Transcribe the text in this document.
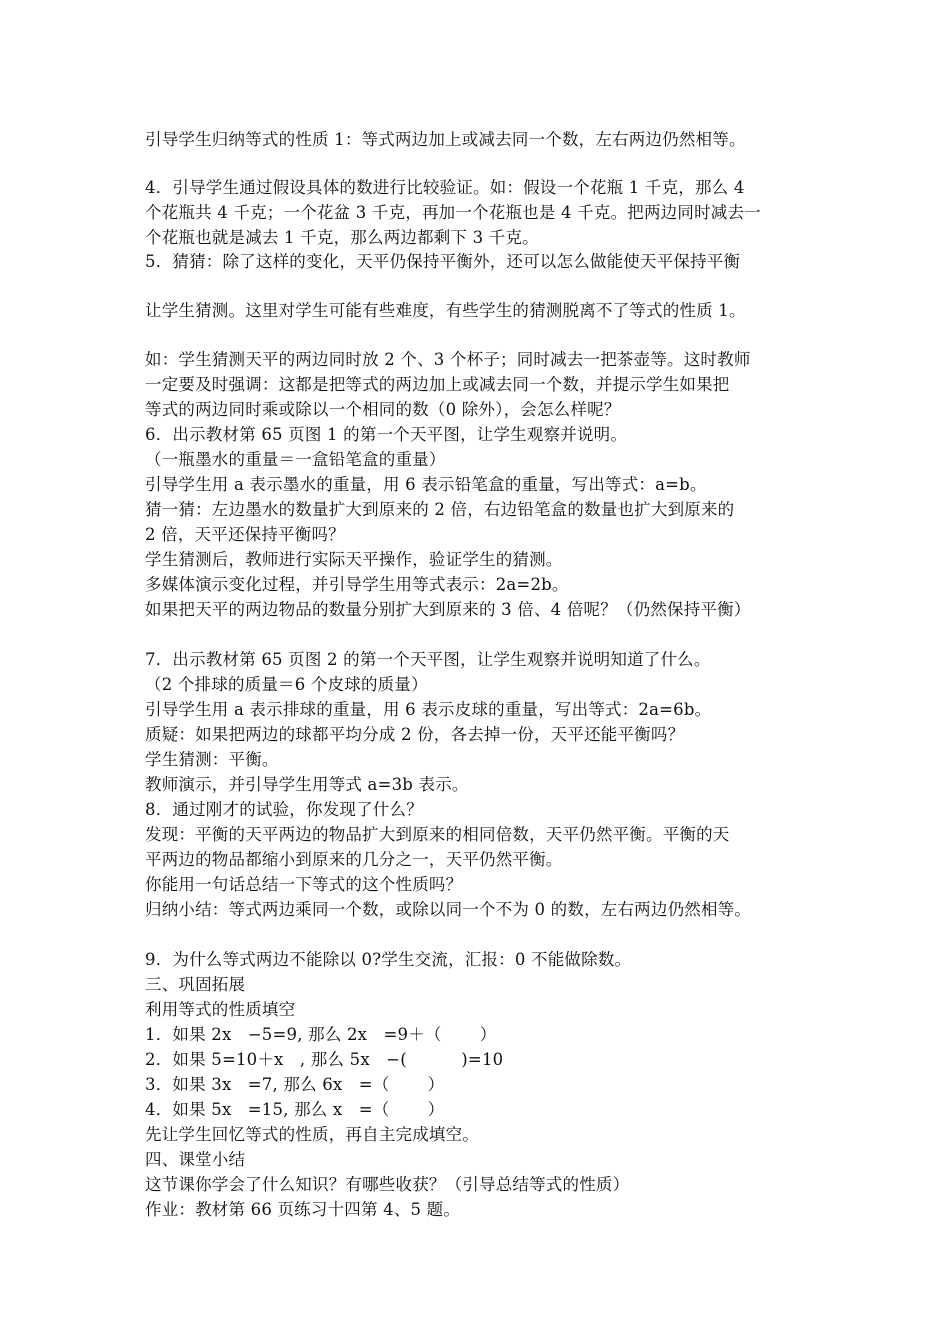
引导学生归纳等式的性质 1：等式两边加上或减去同一个数，左右两边仍然相等。
4．引导学生通过假设具体的数进行比较验证。如：假设一个花瓶 1 千克，那么 4
个花瓶共 4 千克；一个花盆 3 千克，再加一个花瓶也是 4 千克。把两边同时减去一
个花瓶也就是减去 1 千克，那么两边都剩下 3 千克。
5．猜猜：除了这样的变化，天平仍保持平衡外，还可以怎么做能使天平保持平衡
让学生猜测。这里对学生可能有些难度，有些学生的猜测脱离不了等式的性质 1。
如：学生猜测天平的两边同时放 2 个、3 个杯子；同时减去一把茶壶等。这时教师
一定要及时强调：这都是把等式的两边加上或减去同一个数，并提示学生如果把
等式的两边同时乘或除以一个相同的数（0 除外），会怎么样呢？
6．出示教材第 65 页图 1 的第一个天平图，让学生观察并说明。
（一瓶墨水的重量＝一盒铅笔盒的重量）
引导学生用 a 表示墨水的重量，用 6 表示铅笔盒的重量，写出等式：a=b。
猜一猜：左边墨水的数量扩大到原来的 2 倍，右边铅笔盒的数量也扩大到原来的
2 倍，天平还保持平衡吗？
学生猜测后，教师进行实际天平操作，验证学生的猜测。
多媒体演示变化过程，并引导学生用等式表示：2a=2b。
如果把天平的两边物品的数量分别扩大到原来的 3 倍、4 倍呢？（仍然保持平衡）
7．出示教材第 65 页图 2 的第一个天平图，让学生观察并说明知道了什么。
（2 个排球的质量＝6 个皮球的质量）
引导学生用 a 表示排球的重量，用 6 表示皮球的重量，写出等式：2a=6b。
质疑：如果把两边的球都平均分成 2 份，各去掉一份，天平还能平衡吗？
学生猜测：平衡。
教师演示，并引导学生用等式 a=3b 表示。
8．通过刚才的试验，你发现了什么？
发现：平衡的天平两边的物品扩大到原来的相同倍数，天平仍然平衡。平衡的天
平两边的物品都缩小到原来的几分之一，天平仍然平衡。
你能用一句话总结一下等式的这个性质吗？
归纳小结：等式两边乘同一个数，或除以同一个不为 0 的数，左右两边仍然相等。
9．为什么等式两边不能除以 0?学生交流，汇报：0 不能做除数。
三、巩固拓展
利用等式的性质填空
1．如果 2x   −5=9, 那么 2x   =9＋（       ）
2．如果 5=10＋x   , 那么 5x   −(          )=10
3．如果 3x   =7, 那么 6x   =（       ）
4．如果 5x   =15, 那么 x   =（       ）
先让学生回忆等式的性质，再自主完成填空。
四、课堂小结
这节课你学会了什么知识？有哪些收获？（引导总结等式的性质）
作业：教材第 66 页练习十四第 4、5 题。
